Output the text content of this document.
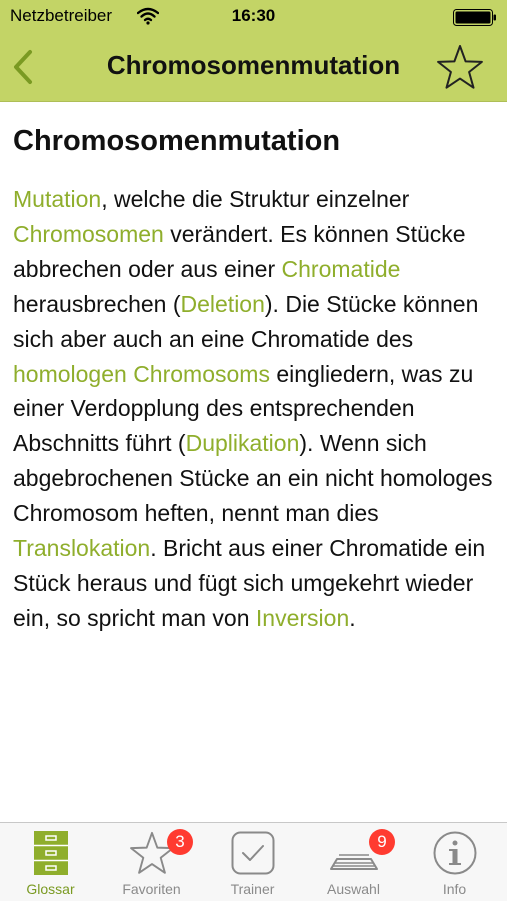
Netzbetreiber	16:30
Chromosomenmutation
Chromosomenmutation

Mutation, welche die Struktur einzelner Chromosomen verändert. Es können Stücke abbrechen oder aus einer Chromatide herausbrechen (Deletion). Die Stücke können sich aber auch an eine Chromatide des homologen Chromosoms eingliedern, was zu einer Verdopplung des entsprechenden Abschnitts führt (Duplikation). Wenn sich abgebrochenen Stücke an ein nicht homologes Chromosom heften, nennt man dies Translokation. Bricht aus einer Chromatide ein Stück heraus und fügt sich umgekehrt wieder ein, so spricht man von Inversion.

Glossar
3
Favoriten	Trainer
9
Auswahl	Info
